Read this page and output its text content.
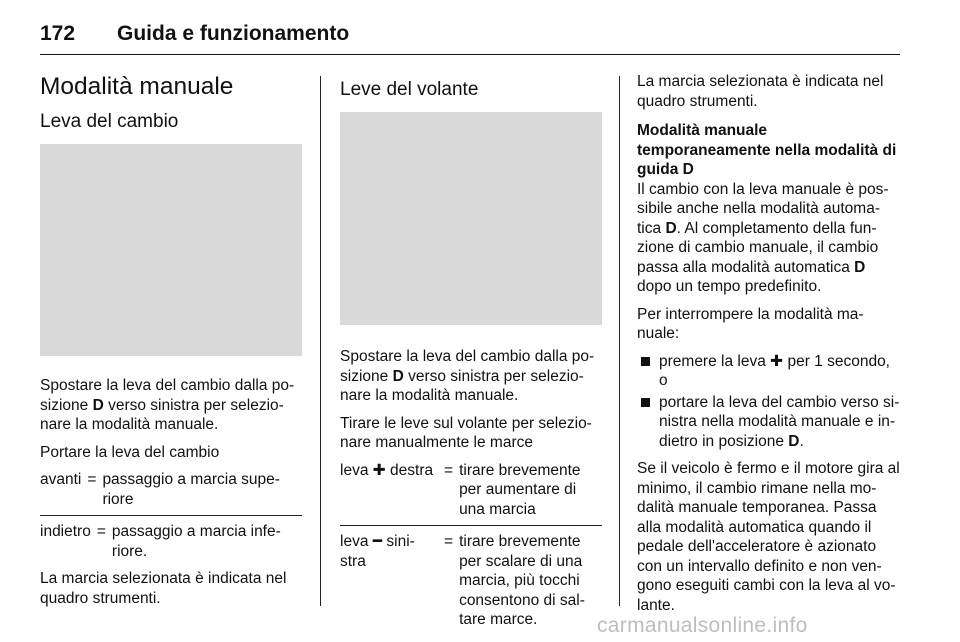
172 Guida e funzionamento
Modalità manuale
Leva del cambio

Spostare la leva del cambio dalla po-sizione D verso sinistra per selezio-nare la modalità manuale.

Portare la leva del cambio

avanti = passaggio a marcia supe-riore
indietro = passaggio a marcia infe-riore.

La marcia selezionata è indicata nel quadro strumenti.

Leve del volante

Spostare la leva del cambio dalla po-sizione D verso sinistra per selezio-nare la modalità manuale.

Tirare le leve sul volante per selezio-nare manualmente le marce

leva ✚ destra = tirare brevemente per aumentare di una marcia
leva ━ sini-stra
= tirare brevemente per scalare di una marcia, più tocchi consentono di sal-tare marce.

La marcia selezionata è indicata nel quadro strumenti.

Modalità manuale temporaneamente nella modalità di guida D

Il cambio con la leva manuale è pos-sibile anche nella modalità automa-tica D. Al completamento della fun-zione di cambio manuale, il cambio passa alla modalità automatica D dopo un tempo predefinito.

Per interrompere la modalità ma-nuale:

premere la leva ✚ per 1 secondo, o
portare la leva del cambio verso si-nistra nella modalità manuale e in-dietro in posizione D.

Se il veicolo è fermo e il motore gira al minimo, il cambio rimane nella mo-dalità manuale temporanea. Passa alla modalità automatica quando il pedale dell'acceleratore è azionato con un intervallo definito e non ven-gono eseguiti cambi con la leva al vo-lante.

carmanualsonline.info
